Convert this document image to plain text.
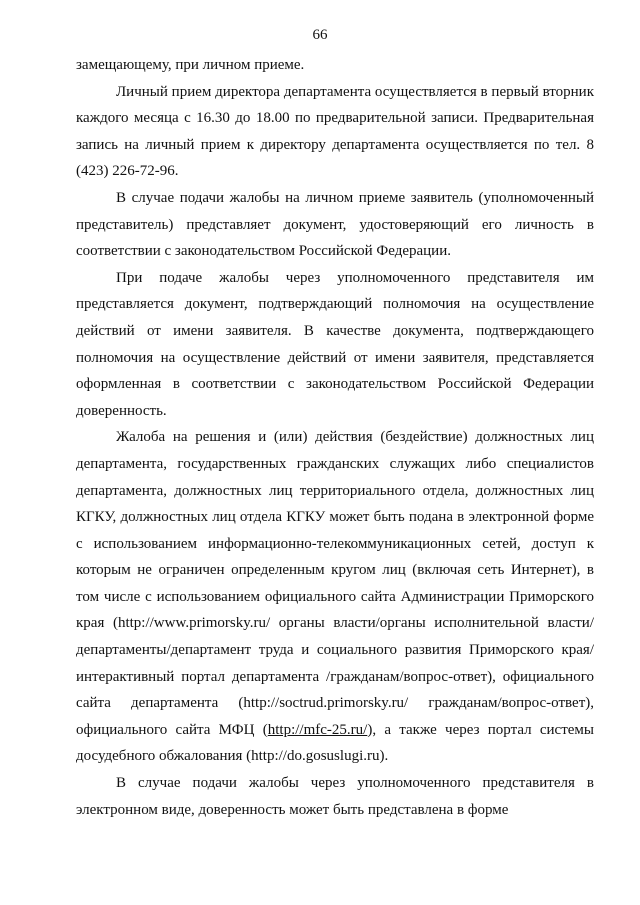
66

замещающему, при личном приеме.

Личный прием директора департамента осуществляется в первый вторник каждого месяца с 16.30 до 18.00 по предварительной записи. Предварительная запись на личный прием к директору департамента осуществляется по тел. 8 (423) 226-72-96.

В случае подачи жалобы на личном приеме заявитель (уполномоченный представитель) представляет документ, удостоверяющий его личность в соответствии с законодательством Российской Федерации.

При подаче жалобы через уполномоченного представителя им представляется документ, подтверждающий полномочия на осуществление действий от имени заявителя. В качестве документа, подтверждающего полномочия на осуществление действий от имени заявителя, представляется оформленная в соответствии с законодательством Российской Федерации доверенность.

Жалоба на решения и (или) действия (бездействие) должностных лиц департамента, государственных гражданских служащих либо специалистов департамента, должностных лиц территориального отдела, должностных лиц КГКУ, должностных лиц отдела КГКУ может быть подана в электронной форме с использованием информационно-телекоммуникационных сетей, доступ к которым не ограничен определенным кругом лиц (включая сеть Интернет), в том числе с использованием официального сайта Администрации Приморского края (http://www.primorsky.ru/ органы власти/органы исполнительной власти/департаменты/департамент труда и социального развития Приморского края/интерактивный портал департамента /гражданам/вопрос-ответ), официального сайта департамента (http://soctrud.primorsky.ru/ гражданам/вопрос-ответ), официального сайта МФЦ (http://mfc-25.ru/), а также через портал системы досудебного обжалования (http://do.gosuslugi.ru).

В случае подачи жалобы через уполномоченного представителя в электронном виде, доверенность может быть представлена в форме
